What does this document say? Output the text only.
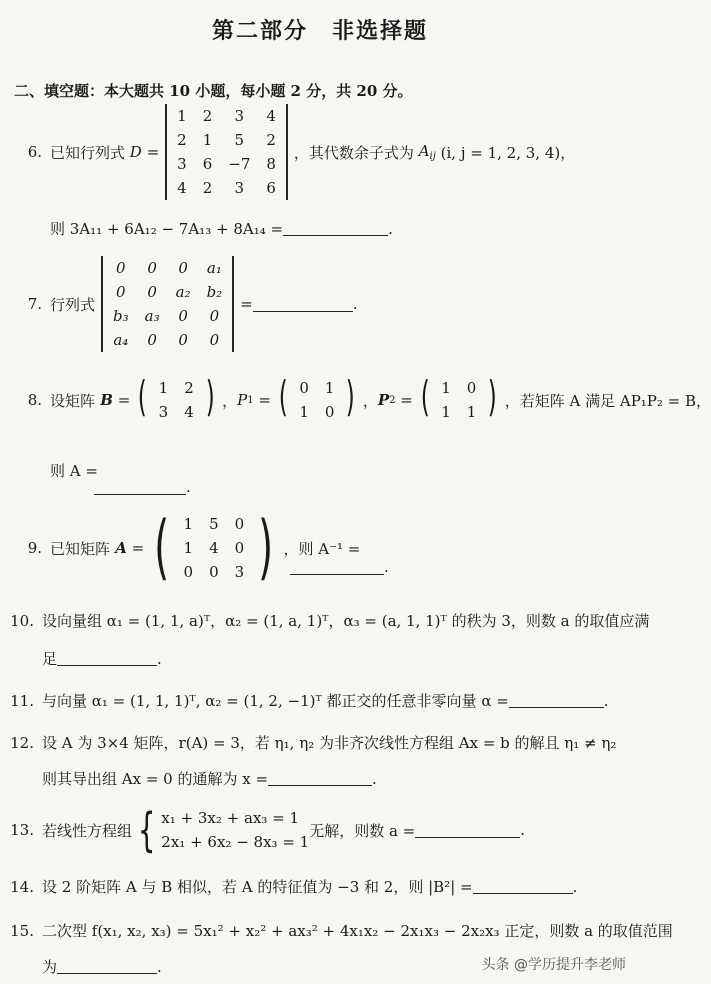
第二部分　非选择题
二、填空题：本大题共 10 小题，每小题 2 分，共 20 分。
6. 已知行列式 D =
1	2	3	4
2	1	5	2
3	6	−7	8
4	2	3	6
，其代数余子式为 $A_{ij}$
(i, j = 1, 2, 3, 4)，
则
3A₁₁ + 6A₁₂ − 7A₁₃ + 8A₁₄ =	.
7. 行列式
0	0	0	a₁
0	0	a₂	b₂
b₃	a₃	0	0
a₄	0	0	0
=	.
8. 设矩阵 B = ( 1	2
3	4 ) ， P 1 = ( 0	1
1	0 ) ， P 2 = ( 1	0
1	1 ) ，若矩阵 A 满足 AP₁P₂ = B，
则 A =
.
9. 已知矩阵 A = ( 1	5	0
1	4	0
0	0	3 ) ，则 A⁻¹ =
.
10. 设向量组 α₁ = (1, 1, a)ᵀ，α₂ = (1, a, 1)ᵀ，α₃ = (a, 1, 1)ᵀ 的秩为 3，则数 a 的取值应满
足	.
11. 与向量 α₁ = (1, 1, 1)ᵀ, α₂ = (1, 2, −1)ᵀ 都正交的任意非零向量 α =	.
12. 设 A 为 3×4 矩阵，r(A) = 3，若 η₁, η₂ 为非齐次线性方程组 Ax = b 的解且 η₁ ≠ η₂
则其导出组 Ax = 0 的通解为 x =	.
13. 若线性方程组 { x₁ + 3x₂ + ax₃ = 1
2x₁ + 6x₂ − 8x₃ = 1
无解，则数 a =	.
14. 设 2 阶矩阵 A 与 B 相似，若 A 的特征值为 −3 和 2，则 |B²| =	.
15. 二次型 f(x₁, x₂, x₃) = 5x₁² + x₂² + ax₃² + 4x₁x₂ − 2x₁x₃ − 2x₂x₃ 正定，则数 a 的取值范围
为	.	头条 @学历提升李老师
